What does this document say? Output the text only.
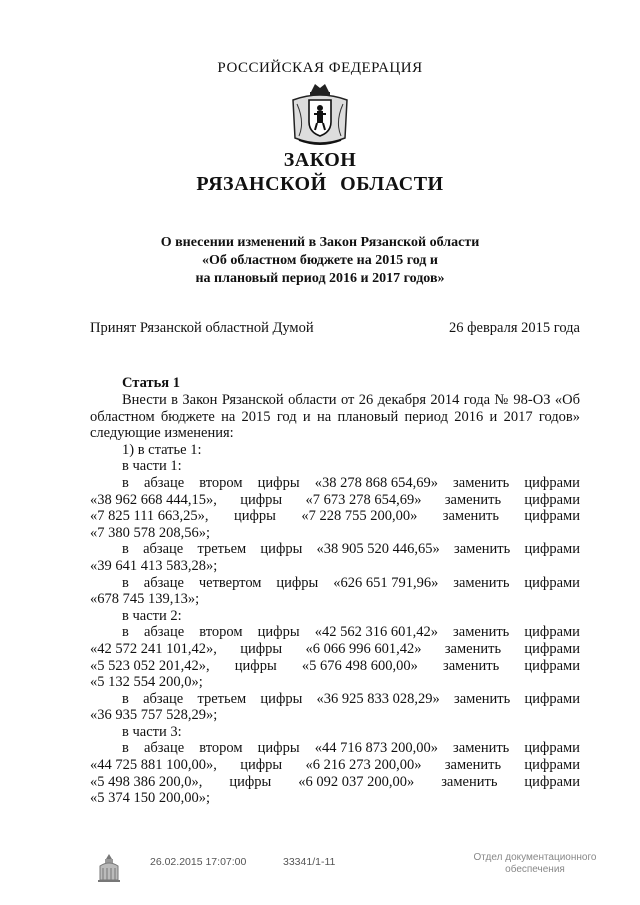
РОССИЙСКАЯ ФЕДЕРАЦИЯ
ЗАКОН
РЯЗАНСКОЙ ОБЛАСТИ
О внесении изменений в Закон Рязанской области
«Об областном бюджете на 2015 год и
на плановый период 2016 и 2017 годов»
Принят Рязанской областной Думой	26 февраля 2015 года
Статья 1

Внести в Закон Рязанской области от 26 декабря 2014 года № 98-ОЗ «Об областном бюджете на 2015 год и на плановый период 2016 и 2017 годов» следующие изменения:

1) в статье 1:

в части 1:

в абзаце втором цифры «38 278 868 654,69» заменить цифрами
«38 962 668 444,15», цифры «7 673 278 654,69» заменить цифрами
«7 825 111 663,25», цифры «7 228 755 200,00» заменить цифрами

«7 380 578 208,56»;

в абзаце третьем цифры «38 905 520 446,65» заменить цифрами

«39 641 413 583,28»;

в абзаце четвертом цифры «626 651 791,96» заменить цифрами

«678 745 139,13»;

в части 2:

в абзаце втором цифры «42 562 316 601,42» заменить цифрами
«42 572 241 101,42», цифры «6 066 996 601,42» заменить цифрами
«5 523 052 201,42», цифры «5 676 498 600,00» заменить цифрами

«5 132 554 200,0»;

в абзаце третьем цифры «36 925 833 028,29» заменить цифрами

«36 935 757 528,29»;

в части 3:

в абзаце втором цифры «44 716 873 200,00» заменить цифрами
«44 725 881 100,00», цифры «6 216 273 200,00» заменить цифрами
«5 498 386 200,0», цифры «6 092 037 200,00» заменить цифрами

«5 374 150 200,00»;

26.02.2015 17:07:00	33341/1-11	Отдел документационного
обеспечения
